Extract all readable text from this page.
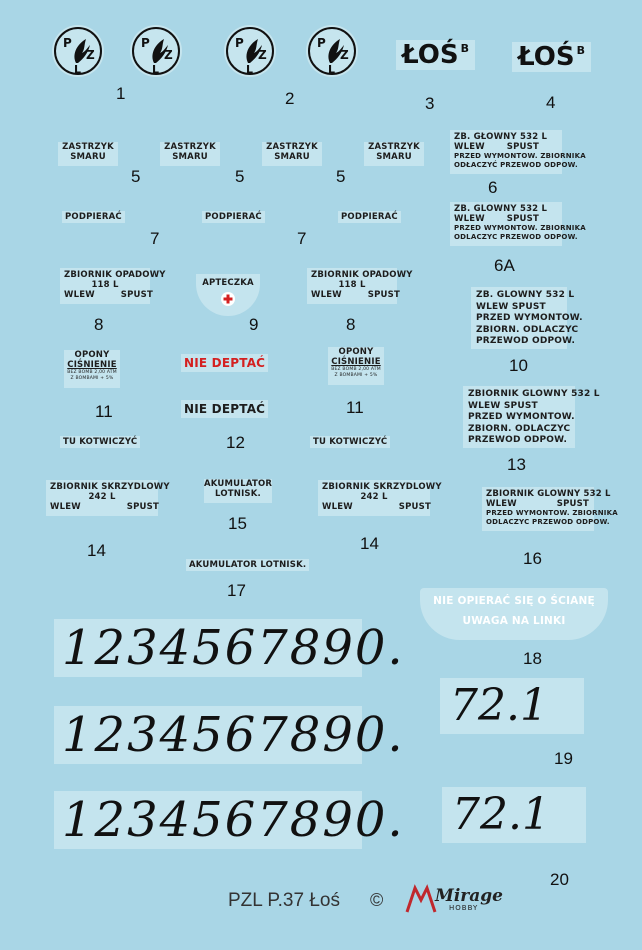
P
Z
L
P
Z
L
P
Z
L
P
Z
L	ŁOŚ $^B$ ŁOŚ $^B$
1	2	3	4
ZASTRZYK
SMARU
ZASTRZYK
SMARU
ZASTRZYK
SMARU
ZASTRZYK
SMARU
5	5	5
ZB. GŁOWNY 532 L
WLEW	SPUST
PRZED WYMONTOW. ZBIORNIKA
ODŁACZYĆ PRZEWOD ODPOW.
6
PODPIERAĆ	PODPIERAĆ	PODPIERAĆ
7	7
ZB. GLOWNY 532 L
WLEW	SPUST
PRZED WYMONTOW. ZBIORNIKA
ODLACZYC PRZEWOD ODPOW.
6A
ZBIORNIK OPADOWY
118 L
WLEW	SPUST
ZBIORNIK OPADOWY
118 L
WLEW	SPUST
8	8
APTECZKA
9
ZB. GLOWNY 532 L
WLEW SPUST
PRZED WYMONTOW.
ZBIORN. ODLACZYC
PRZEWOD ODPOW.
10
OPONY
CIŚNIENIE
BEZ BOMB 2,00 ATM
Z BOMBAMI + 5%
OPONY
CIŚNIENIE
BEZ BOMB 2,00 ATM
Z BOMBAMI + 5%
11	11
NIE DEPTAĆ
NIE DEPTAĆ
12
ZBIORNIK GLOWNY 532 L
WLEW SPUST
PRZED WYMONTOW.
ZBIORN. ODLACZYC
PRZEWOD ODPOW.
13
TU KOTWICZYĆ	TU KOTWICZYĆ
AKUMULATOR
LOTNISK.
15
ZBIORNIK SKRZYDLOWY
242 L
WLEW	SPUST
ZBIORNIK SKRZYDLOWY
242 L
WLEW	SPUST
14	14
ZBIORNIK GLOWNY 532 L
WLEW	SPUST
PRZED WYMONTOW. ZBIORNIKA
ODLACZYC PRZEWOD ODPOW.
16
AKUMULATOR LOTNISK.
17
NIE OPIERAĆ SIĘ O ŚCIANĘ
UWAGA NA LINKI
18
1234567890.
1234567890.
1234567890.
72.1
19
72.1
20
PZL P.37 Łoś ©	Mirage
HOBBY
